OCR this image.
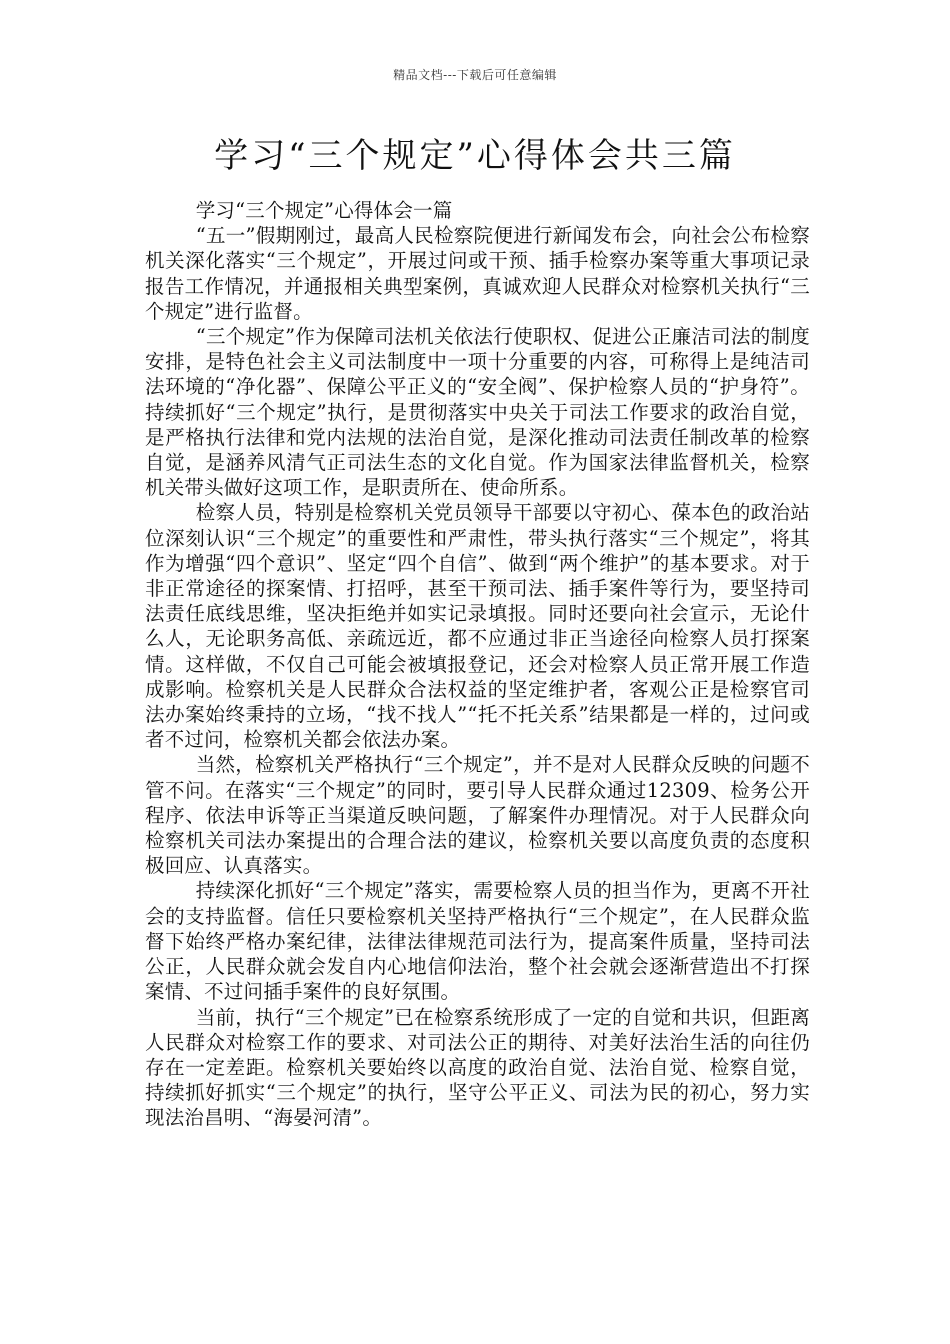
精品文档---下载后可任意编辑
学习“三个规定”心得体会共三篇

学习“三个规定”心得体会一篇

“五一”假期刚过，最高人民检察院便进行新闻发布会，向社会公布检察机关深化落实“三个规定”，开展过问或干预、插手检察办案等重大事项记录报告工作情况，并通报相关典型案例，真诚欢迎人民群众对检察机关执行“三个规定”进行监督。

“三个规定”作为保障司法机关依法行使职权、促进公正廉洁司法的制度安排，是特色社会主义司法制度中一项十分重要的内容，可称得上是纯洁司法环境的“净化器”、保障公平正义的“安全阀”、保护检察人员的“护身符”。持续抓好“三个规定”执行，是贯彻落实中央关于司法工作要求的政治自觉，是严格执行法律和党内法规的法治自觉，是深化推动司法责任制改革的检察自觉，是涵养风清气正司法生态的文化自觉。作为国家法律监督机关，检察机关带头做好这项工作，是职责所在、使命所系。

检察人员，特别是检察机关党员领导干部要以守初心、葆本色的政治站位深刻认识“三个规定”的重要性和严肃性，带头执行落实“三个规定”，将其作为增强“四个意识”、坚定“四个自信”、做到“两个维护”的基本要求。对于非正常途径的探案情、打招呼，甚至干预司法、插手案件等行为，要坚持司法责任底线思维，坚决拒绝并如实记录填报。同时还要向社会宣示，无论什么人，无论职务高低、亲疏远近，都不应通过非正当途径向检察人员打探案情。这样做，不仅自己可能会被填报登记，还会对检察人员正常开展工作造成影响。检察机关是人民群众合法权益的坚定维护者，客观公正是检察官司法办案始终秉持的立场，“找不找人”“托不托关系”结果都是一样的，过问或者不过问，检察机关都会依法办案。

当然，检察机关严格执行“三个规定”，并不是对人民群众反映的问题不管不问。在落实“三个规定”的同时，要引导人民群众通过12309、检务公开程序、依法申诉等正当渠道反映问题，了解案件办理情况。对于人民群众向检察机关司法办案提出的合理合法的建议，检察机关要以高度负责的态度积极回应、认真落实。

持续深化抓好“三个规定”落实，需要检察人员的担当作为，更离不开社会的支持监督。信任只要检察机关坚持严格执行“三个规定”，在人民群众监督下始终严格办案纪律，法律法律规范司法行为，提高案件质量，坚持司法公正，人民群众就会发自内心地信仰法治，整个社会就会逐渐营造出不打探案情、不过问插手案件的良好氛围。

当前，执行“三个规定”已在检察系统形成了一定的自觉和共识，但距离人民群众对检察工作的要求、对司法公正的期待、对美好法治生活的向往仍存在一定差距。检察机关要始终以高度的政治自觉、法治自觉、检察自觉，持续抓好抓实“三个规定”的执行，坚守公平正义、司法为民的初心，努力实现法治昌明、“海晏河清”。
